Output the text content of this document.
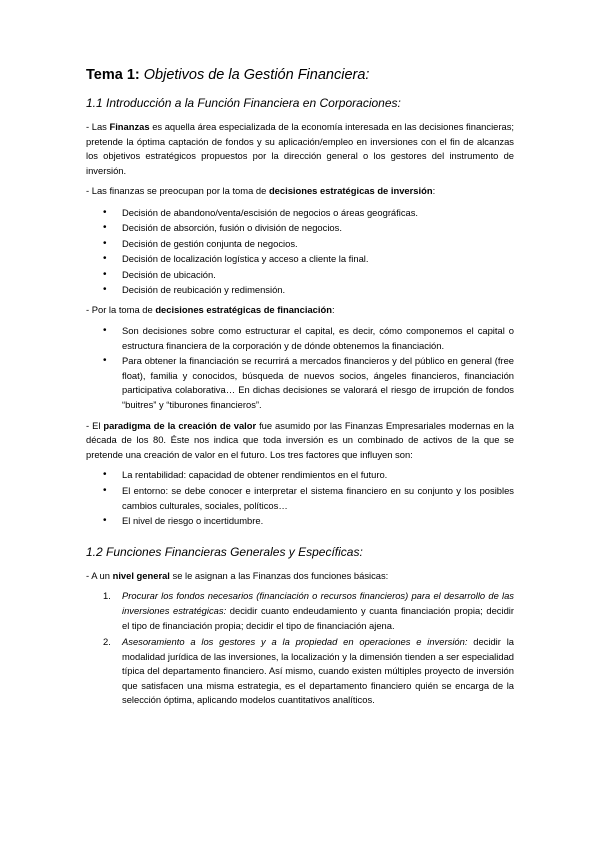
Tema 1: Objetivos de la Gestión Financiera:
1.1 Introducción a la Función Financiera en Corporaciones:

- Las Finanzas es aquella área especializada de la economía interesada en las decisiones financieras; pretende la óptima captación de fondos y su aplicación/empleo en inversiones con el fin de alcanzas los objetivos estratégicos propuestos por la dirección general o los gestores del instrumento de inversión.

- Las finanzas se preocupan por la toma de decisiones estratégicas de inversión:

• Decisión de abandono/venta/escisión de negocios o áreas geográficas.
• Decisión de absorción, fusión o división de negocios.
• Decisión de gestión conjunta de negocios.
• Decisión de localización logística y acceso a cliente la final.
• Decisión de ubicación.
• Decisión de reubicación y redimensión.

- Por la toma de decisiones estratégicas de financiación:

• Son decisiones sobre como estructurar el capital, es decir, cómo componemos el capital o estructura financiera de la corporación y de dónde obtenemos la financiación.
• Para obtener la financiación se recurrirá a mercados financieros y del público en general (free float), familia y conocidos, búsqueda de nuevos socios, ángeles financieros, financiación participativa colaborativa… En dichas decisiones se valorará el riesgo de irrupción de fondos “buitres” y “tiburones financieros”.

- El paradigma de la creación de valor fue asumido por las Finanzas Empresariales modernas en la década de los 80. Éste nos indica que toda inversión es un combinado de activos de la que se pretende una creación de valor en el futuro. Los tres factores que influyen son:

• La rentabilidad: capacidad de obtener rendimientos en el futuro.
• El entorno: se debe conocer e interpretar el sistema financiero en su conjunto y los posibles cambios culturales, sociales, políticos…
• El nivel de riesgo o incertidumbre.
1.2 Funciones Financieras Generales y Específicas:

- A un nivel general se le asignan a las Finanzas dos funciones básicas:

1. Procurar los fondos necesarios (financiación o recursos financieros) para el desarrollo de las inversiones estratégicas: decidir cuanto endeudamiento y cuanta financiación propia; decidir el tipo de financiación propia; decidir el tipo de financiación ajena.
2. Asesoramiento a los gestores y a la propiedad en operaciones e inversión: decidir la modalidad jurídica de las inversiones, la localización y la dimensión tienden a ser especialidad típica del departamento financiero. Así mismo, cuando existen múltiples proyecto de inversión que satisfacen una misma estrategia, es el departamento financiero quién se encarga de la selección óptima, aplicando modelos cuantitativos analíticos.
